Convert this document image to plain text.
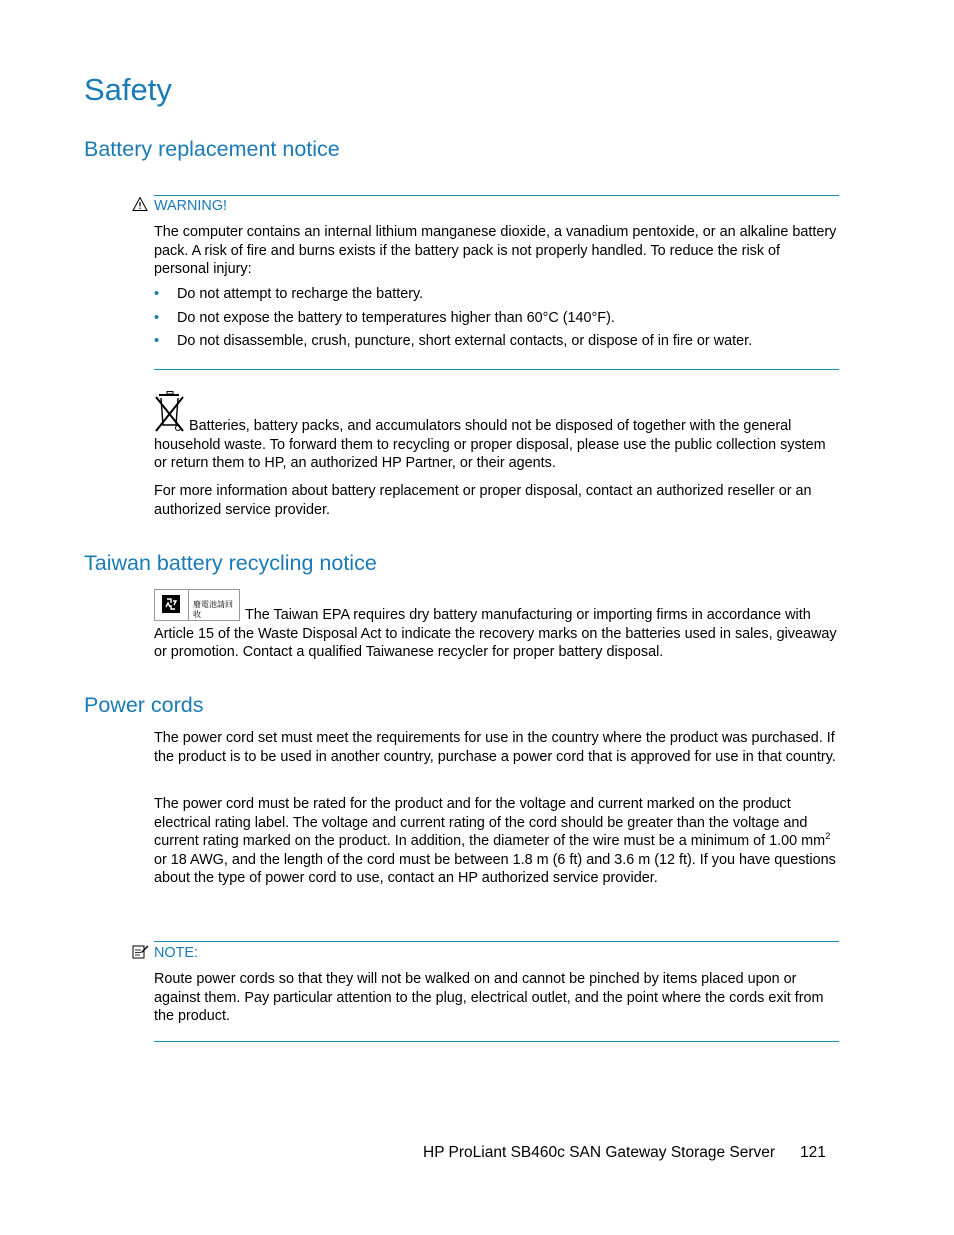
Safety
Battery replacement notice
WARNING!

The computer contains an internal lithium manganese dioxide, a vanadium pentoxide, or an alkaline battery pack. A risk of fire and burns exists if the battery pack is not properly handled. To reduce the risk of personal injury:

• Do not attempt to recharge the battery.
• Do not expose the battery to temperatures higher than 60°C (140°F).
• Do not disassemble, crush, puncture, short external contacts, or dispose of in fire or water.

Batteries, battery packs, and accumulators should not be disposed of together with the general household waste. To forward them to recycling or proper disposal, please use the public collection system or return them to HP, an authorized HP Partner, or their agents.

For more information about battery replacement or proper disposal, contact an authorized reseller or an authorized service provider.

Taiwan battery recycling notice
廢電池請回收	The Taiwan EPA requires dry battery manufacturing or importing firms in accordance with Article 15 of the Waste Disposal Act to indicate the recovery marks on the batteries used in sales, giveaway or promotion. Contact a qualified Taiwanese recycler for proper battery disposal.

Power cords

The power cord set must meet the requirements for use in the country where the product was purchased. If the product is to be used in another country, purchase a power cord that is approved for use in that country.

The power cord must be rated for the product and for the voltage and current marked on the product electrical rating label. The voltage and current rating of the cord should be greater than the voltage and current rating marked on the product. In addition, the diameter of the wire must be a minimum of 1.00 $mm^2$ or 18 AWG, and the length of the cord must be between 1.8 m (6 ft) and 3.6 m (12 ft). If you have questions about the type of power cord to use, contact an HP authorized service provider.

NOTE:

Route power cords so that they will not be walked on and cannot be pinched by items placed upon or against them. Pay particular attention to the plug, electrical outlet, and the point where the cords exit from the product.

HP ProLiant SB460c SAN Gateway Storage Server 121
